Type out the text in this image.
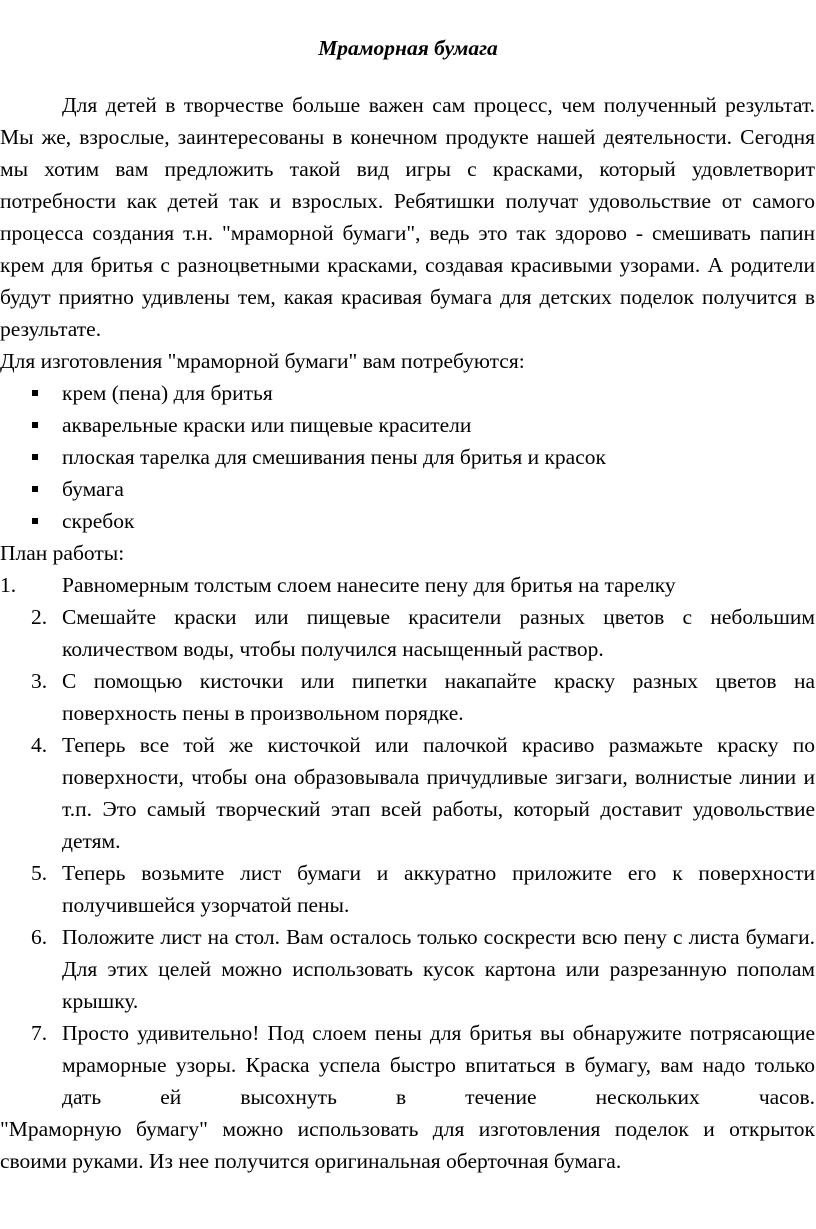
Мраморная бумага

Для детей в творчестве больше важен сам процесс, чем полученный результат. Мы же, взрослые, заинтересованы в конечном продукте нашей деятельности. Сегодня мы хотим вам предложить такой вид игры с красками, который удовлетворит потребности как детей так и взрослых. Ребятишки получат удовольствие от самого процесса создания т.н. "мраморной бумаги", ведь это так здорово - смешивать папин крем для бритья с разноцветными красками, создавая красивыми узорами. А родители будут приятно удивлены тем, какая красивая бумага для детских поделок получится в результате.

Для изготовления "мраморной бумаги" вам потребуются:

крем (пена) для бритья
акварельные краски или пищевые красители
плоская тарелка для смешивания пены для бритья и красок
бумага
скребок

План работы:

1. Равномерным толстым слоем нанесите пену для бритья на тарелку
2. Смешайте краски или пищевые красители разных цветов с небольшим количеством воды, чтобы получился насыщенный раствор.
3. С помощью кисточки или пипетки накапайте краску разных цветов на поверхность пены в произвольном порядке.
4. Теперь все той же кисточкой или палочкой красиво размажьте краску по поверхности, чтобы она образовывала причудливые зигзаги, волнистые линии и т.п. Это самый творческий этап всей работы, который доставит удовольствие детям.
5. Теперь возьмите лист бумаги и аккуратно приложите его к поверхности получившейся узорчатой пены.
6. Положите лист на стол. Вам осталось только соскрести всю пену с листа бумаги. Для этих целей можно использовать кусок картона или разрезанную пополам крышку.
7. Просто удивительно! Под слоем пены для бритья вы обнаружите потрясающие мраморные узоры. Краска успела быстро впитаться в бумагу, вам надо только дать ей высохнуть в течение нескольких часов.

"Мраморную бумагу" можно использовать для изготовления поделок и открыток своими руками. Из нее получится оригинальная оберточная бумага.
